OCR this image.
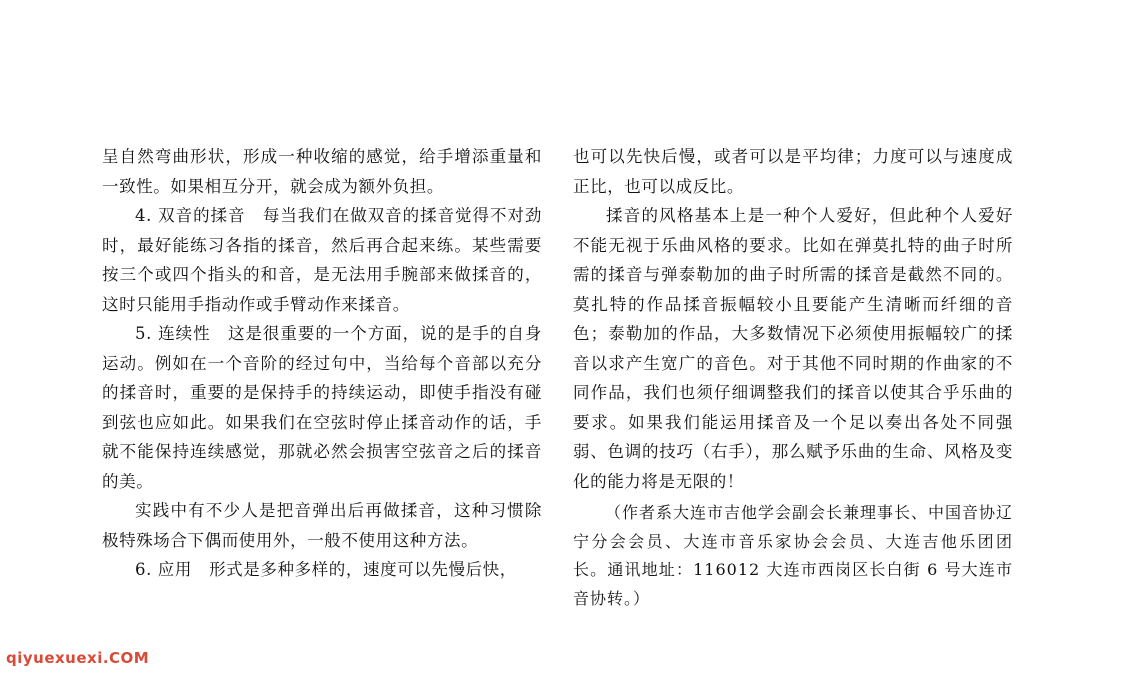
呈自然弯曲形状，形成一种收缩的感觉，给手增添重量和一致性。如果相互分开，就会成为额外负担。

4. 双音的揉音　每当我们在做双音的揉音觉得不对劲时，最好能练习各指的揉音，然后再合起来练。某些需要按三个或四个指头的和音，是无法用手腕部来做揉音的，这时只能用手指动作或手臂动作来揉音。

5. 连续性　这是很重要的一个方面，说的是手的自身运动。例如在一个音阶的经过句中，当给每个音部以充分的揉音时，重要的是保持手的持续运动，即使手指没有碰到弦也应如此。如果我们在空弦时停止揉音动作的话，手就不能保持连续感觉，那就必然会损害空弦音之后的揉音的美。

实践中有不少人是把音弹出后再做揉音，这种习惯除极特殊场合下偶而使用外，一般不使用这种方法。

6. 应用　形式是多种多样的，速度可以先慢后快，

也可以先快后慢，或者可以是平均律；力度可以与速度成正比，也可以成反比。

揉音的风格基本上是一种个人爱好，但此种个人爱好不能无视于乐曲风格的要求。比如在弹莫扎特的曲子时所需的揉音与弹泰勒加的曲子时所需的揉音是截然不同的。莫扎特的作品揉音振幅较小且要能产生清晰而纤细的音色；泰勒加的作品，大多数情况下必须使用振幅较广的揉音以求产生宽广的音色。对于其他不同时期的作曲家的不同作品，我们也须仔细调整我们的揉音以使其合乎乐曲的要求。如果我们能运用揉音及一个足以奏出各处不同强弱、色调的技巧（右手），那么赋予乐曲的生命、风格及变化的能力将是无限的！

（作者系大连市吉他学会副会长兼理事长、中国音协辽宁分会会员、大连市音乐家协会会员、大连吉他乐团团长。通讯地址：116012 大连市西岗区长白街 6 号大连市音协转。）

qiyuexuexi.COM
